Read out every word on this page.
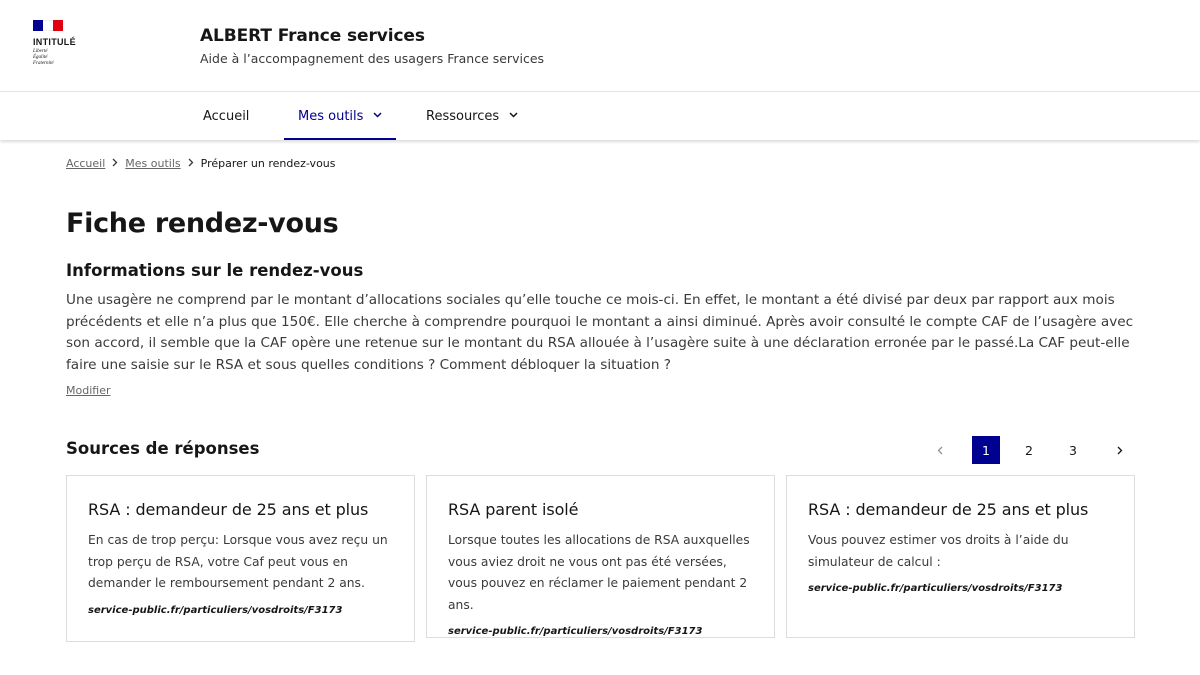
INTITULÉ
Liberté
Égalité
Fraternité
ALBERT France services
Aide à l’accompagnement des usagers France services
Accueil	Mes outils	Ressources
Accueil Mes outils Préparer un rendez-vous
Fiche rendez-vous
Informations sur le rendez-vous

Une usagère ne comprend par le montant d’allocations sociales qu’elle touche ce mois-ci. En effet, le montant a été divisé par deux par rapport aux mois précédents et elle n’a plus que 150€. Elle cherche à comprendre pourquoi le montant a ainsi diminué. Après avoir consulté le compte CAF de l’usagère avec son accord, il semble que la CAF opère une retenue sur le montant du RSA allouée à l’usagère suite à une déclaration erronée par le passé.La CAF peut-elle faire une saisie sur le RSA et sous quelles conditions ? Comment débloquer la situation ?

Modifier
Sources de réponses	1	2	3
RSA : demandeur de 25 ans et plus
En cas de trop perçu: Lorsque vous avez reçu un trop perçu de RSA, votre Caf peut vous en demander le remboursement pendant 2 ans.
service-public.fr/particuliers/vosdroits/F3173
RSA parent isolé
Lorsque toutes les allocations de RSA auxquelles vous aviez droit ne vous ont pas été versées, vous pouvez en réclamer le paiement pendant 2 ans.
service-public.fr/particuliers/vosdroits/F3173
RSA : demandeur de 25 ans et plus
Vous pouvez estimer vos droits à l’aide du simulateur de calcul :
service-public.fr/particuliers/vosdroits/F3173
